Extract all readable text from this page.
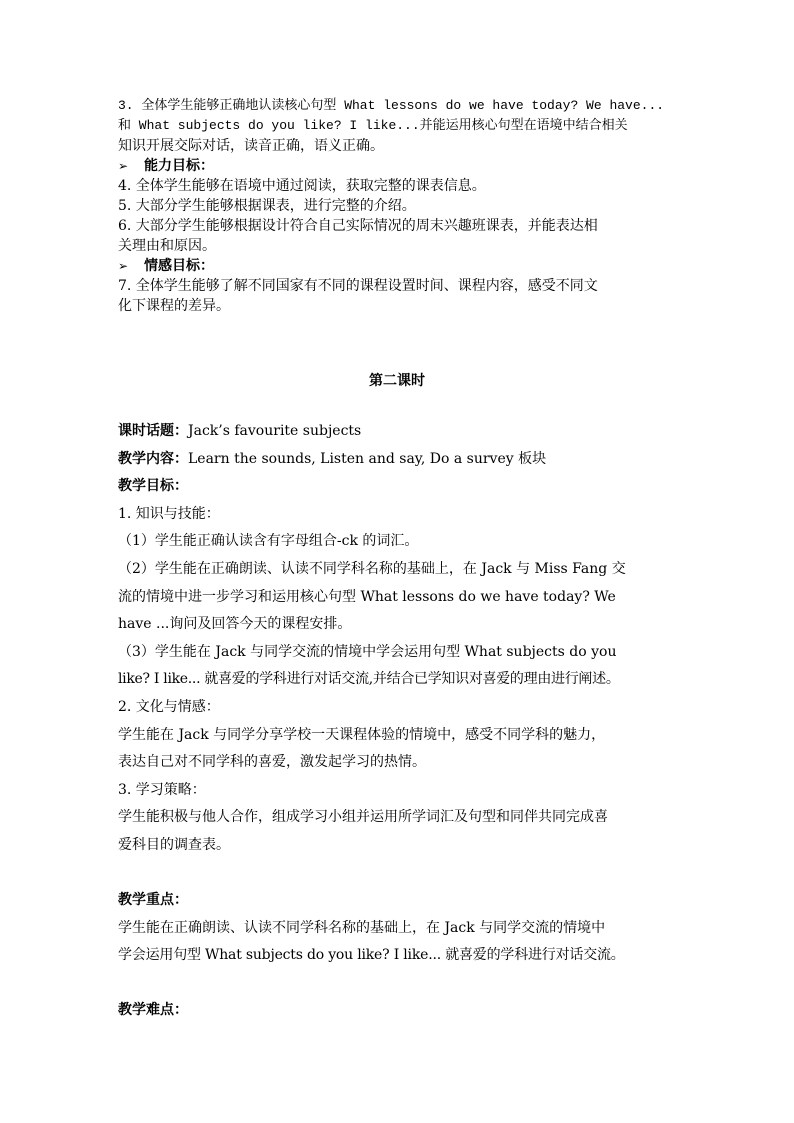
3. 全体学生能够正确地认读核心句型 What lessons do we have today? We have...
和 What subjects do you like? I like...并能运用核心句型在语境中结合相关
知识开展交际对话，读音正确，语义正确。
➢ 能力目标：
4. 全体学生能够在语境中通过阅读，获取完整的课表信息。
5. 大部分学生能够根据课表，进行完整的介绍。
6. 大部分学生能够根据设计符合自己实际情况的周末兴趣班课表，并能表达相
关理由和原因。
➢ 情感目标：
7. 全体学生能够了解不同国家有不同的课程设置时间、课程内容，感受不同文
化下课程的差异。
第二课时
课时话题：Jack’s favourite subjects
教学内容：Learn the sounds, Listen and say, Do a survey 板块
教学目标：
1. 知识与技能：
（1）学生能正确认读含有字母组合-ck 的词汇。
（2）学生能在正确朗读、认读不同学科名称的基础上，在 Jack 与 Miss Fang 交
流的情境中进一步学习和运用核心句型 What lessons do we have today? We
have ...询问及回答今天的课程安排。
（3）学生能在 Jack 与同学交流的情境中学会运用句型 What subjects do you
like? I like... 就喜爱的学科进行对话交流,并结合已学知识对喜爱的理由进行阐述。
2. 文化与情感：
学生能在 Jack 与同学分享学校一天课程体验的情境中，感受不同学科的魅力，
表达自己对不同学科的喜爱，激发起学习的热情。
3. 学习策略：
学生能积极与他人合作，组成学习小组并运用所学词汇及句型和同伴共同完成喜
爱科目的调查表。
教学重点：
学生能在正确朗读、认读不同学科名称的基础上，在 Jack 与同学交流的情境中
学会运用句型 What subjects do you like? I like... 就喜爱的学科进行对话交流。
教学难点：
